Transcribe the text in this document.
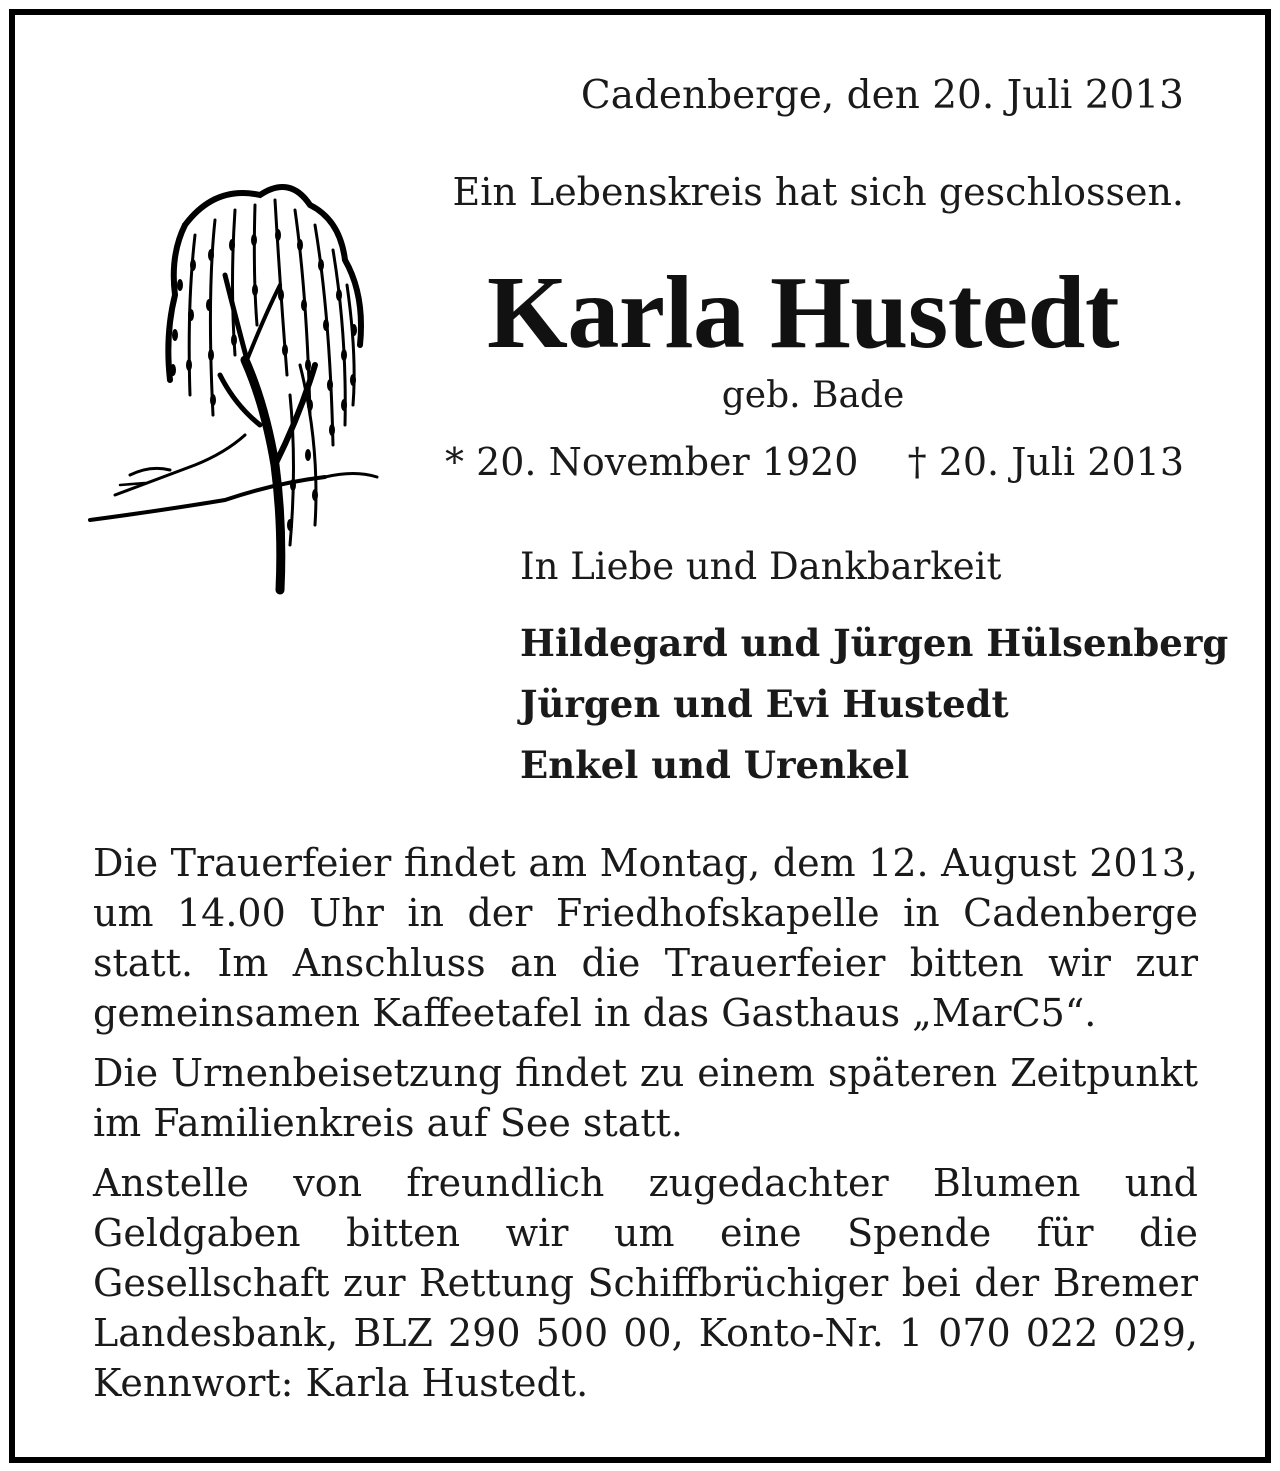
Cadenberge, den 20. Juli 2013
Ein Lebenskreis hat sich geschlossen.
Karla Hustedt
geb. Bade
* 20. November 1920 † 20. Juli 2013
In Liebe und Dankbarkeit
Hildegard und Jürgen Hülsenberg
Jürgen und Evi Hustedt
Enkel und Urenkel

Die Trauerfeier findet am Montag, dem 12. August 2013, um 14.00 Uhr in der Friedhofskapelle in Cadenberge statt. Im Anschluss an die Trauerfeier bitten wir zur gemeinsamen Kaffeetafel in das Gasthaus „MarC5“.

Die Urnenbeisetzung findet zu einem späteren Zeitpunkt im Familienkreis auf See statt.

Anstelle von freundlich zugedachter Blumen und Geldgaben bitten wir um eine Spende für die Gesellschaft zur Rettung Schiffbrüchiger bei der Bremer Landesbank, BLZ 290 500 00, Konto-Nr. 1 070 022 029, Kennwort: Karla Hustedt.
